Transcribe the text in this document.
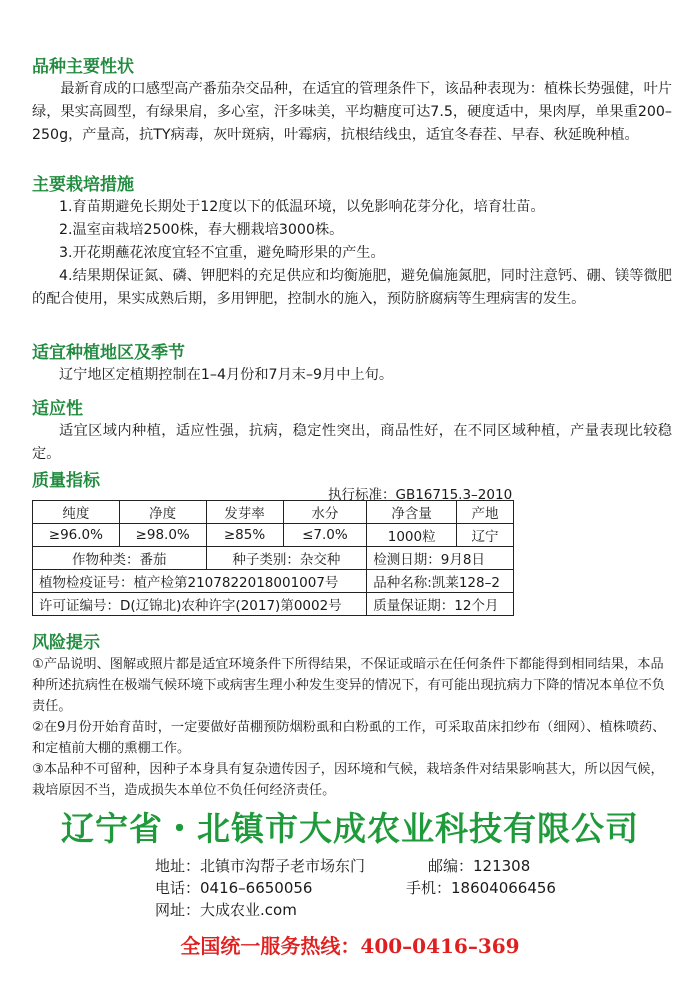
品种主要性状

最新育成的口感型高产番茄杂交品种，在适宜的管理条件下，该品种表现为：植株长势强健，叶片绿，果实高圆型，有绿果肩，多心室，汗多味美，平均糖度可达7.5，硬度适中，果肉厚，单果重200–250g，产量高，抗TY病毒，灰叶斑病，叶霉病，抗根结线虫，适宜冬春茬、早春、秋延晚种植。

主要栽培措施

1.育苗期避免长期处于12度以下的低温环境，以免影响花芽分化，培育壮苗。

2.温室亩栽培2500株，春大棚栽培3000株。

3.开花期蘸花浓度宜轻不宜重，避免畸形果的产生。

4.结果期保证氮、磷、钾肥料的充足供应和均衡施肥，避免偏施氮肥，同时注意钙、硼、镁等微肥的配合使用，果实成熟后期，多用钾肥，控制水的施入，预防脐腐病等生理病害的发生。

适宜种植地区及季节

辽宁地区定植期控制在1–4月份和7月末–9月中上旬。

适应性

适宜区域内种植，适应性强，抗病，稳定性突出，商品性好，在不同区域种植，产量表现比较稳定。

质量指标

执行标准：GB16715.3–2010
纯度	净度	发芽率	水分	净含量	产地
≥96.0%	≥98.0%	≥85%	≤7.0%	1000粒	辽宁
作物种类：番茄		种子类别：杂交种		检测日期：9月8日	
植物检疫证号：植产检第2107822018001007号				品种名称:凯莱128–2	
许可证编号：D(辽锦北)农种许字(2017)第0002号				质量保证期：12个月	

风险提示

①产品说明、图解或照片都是适宜环境条件下所得结果，不保证或暗示在任何条件下都能得到相同结果，本品种所述抗病性在极端气候环境下或病害生理小种发生变异的情况下，有可能出现抗病力下降的情况本单位不负责任。

②在9月份开始育苗时，一定要做好苗棚预防烟粉虱和白粉虱的工作，可采取苗床扣纱布（细网）、植株喷药、和定植前大棚的熏棚工作。

③本品种不可留种，因种子本身具有复杂遗传因子，因环境和气候，栽培条件对结果影响甚大，所以因气候，栽培原因不当，造成损失本单位不负任何经济责任。

辽宁省・北镇市大成农业科技有限公司
地址：北镇市沟帮子老市场东门	邮编：121308
电话：0416–6650056	手机：18604066456
网址：大成农业.com
全国统一服务热线：400–0416–369
